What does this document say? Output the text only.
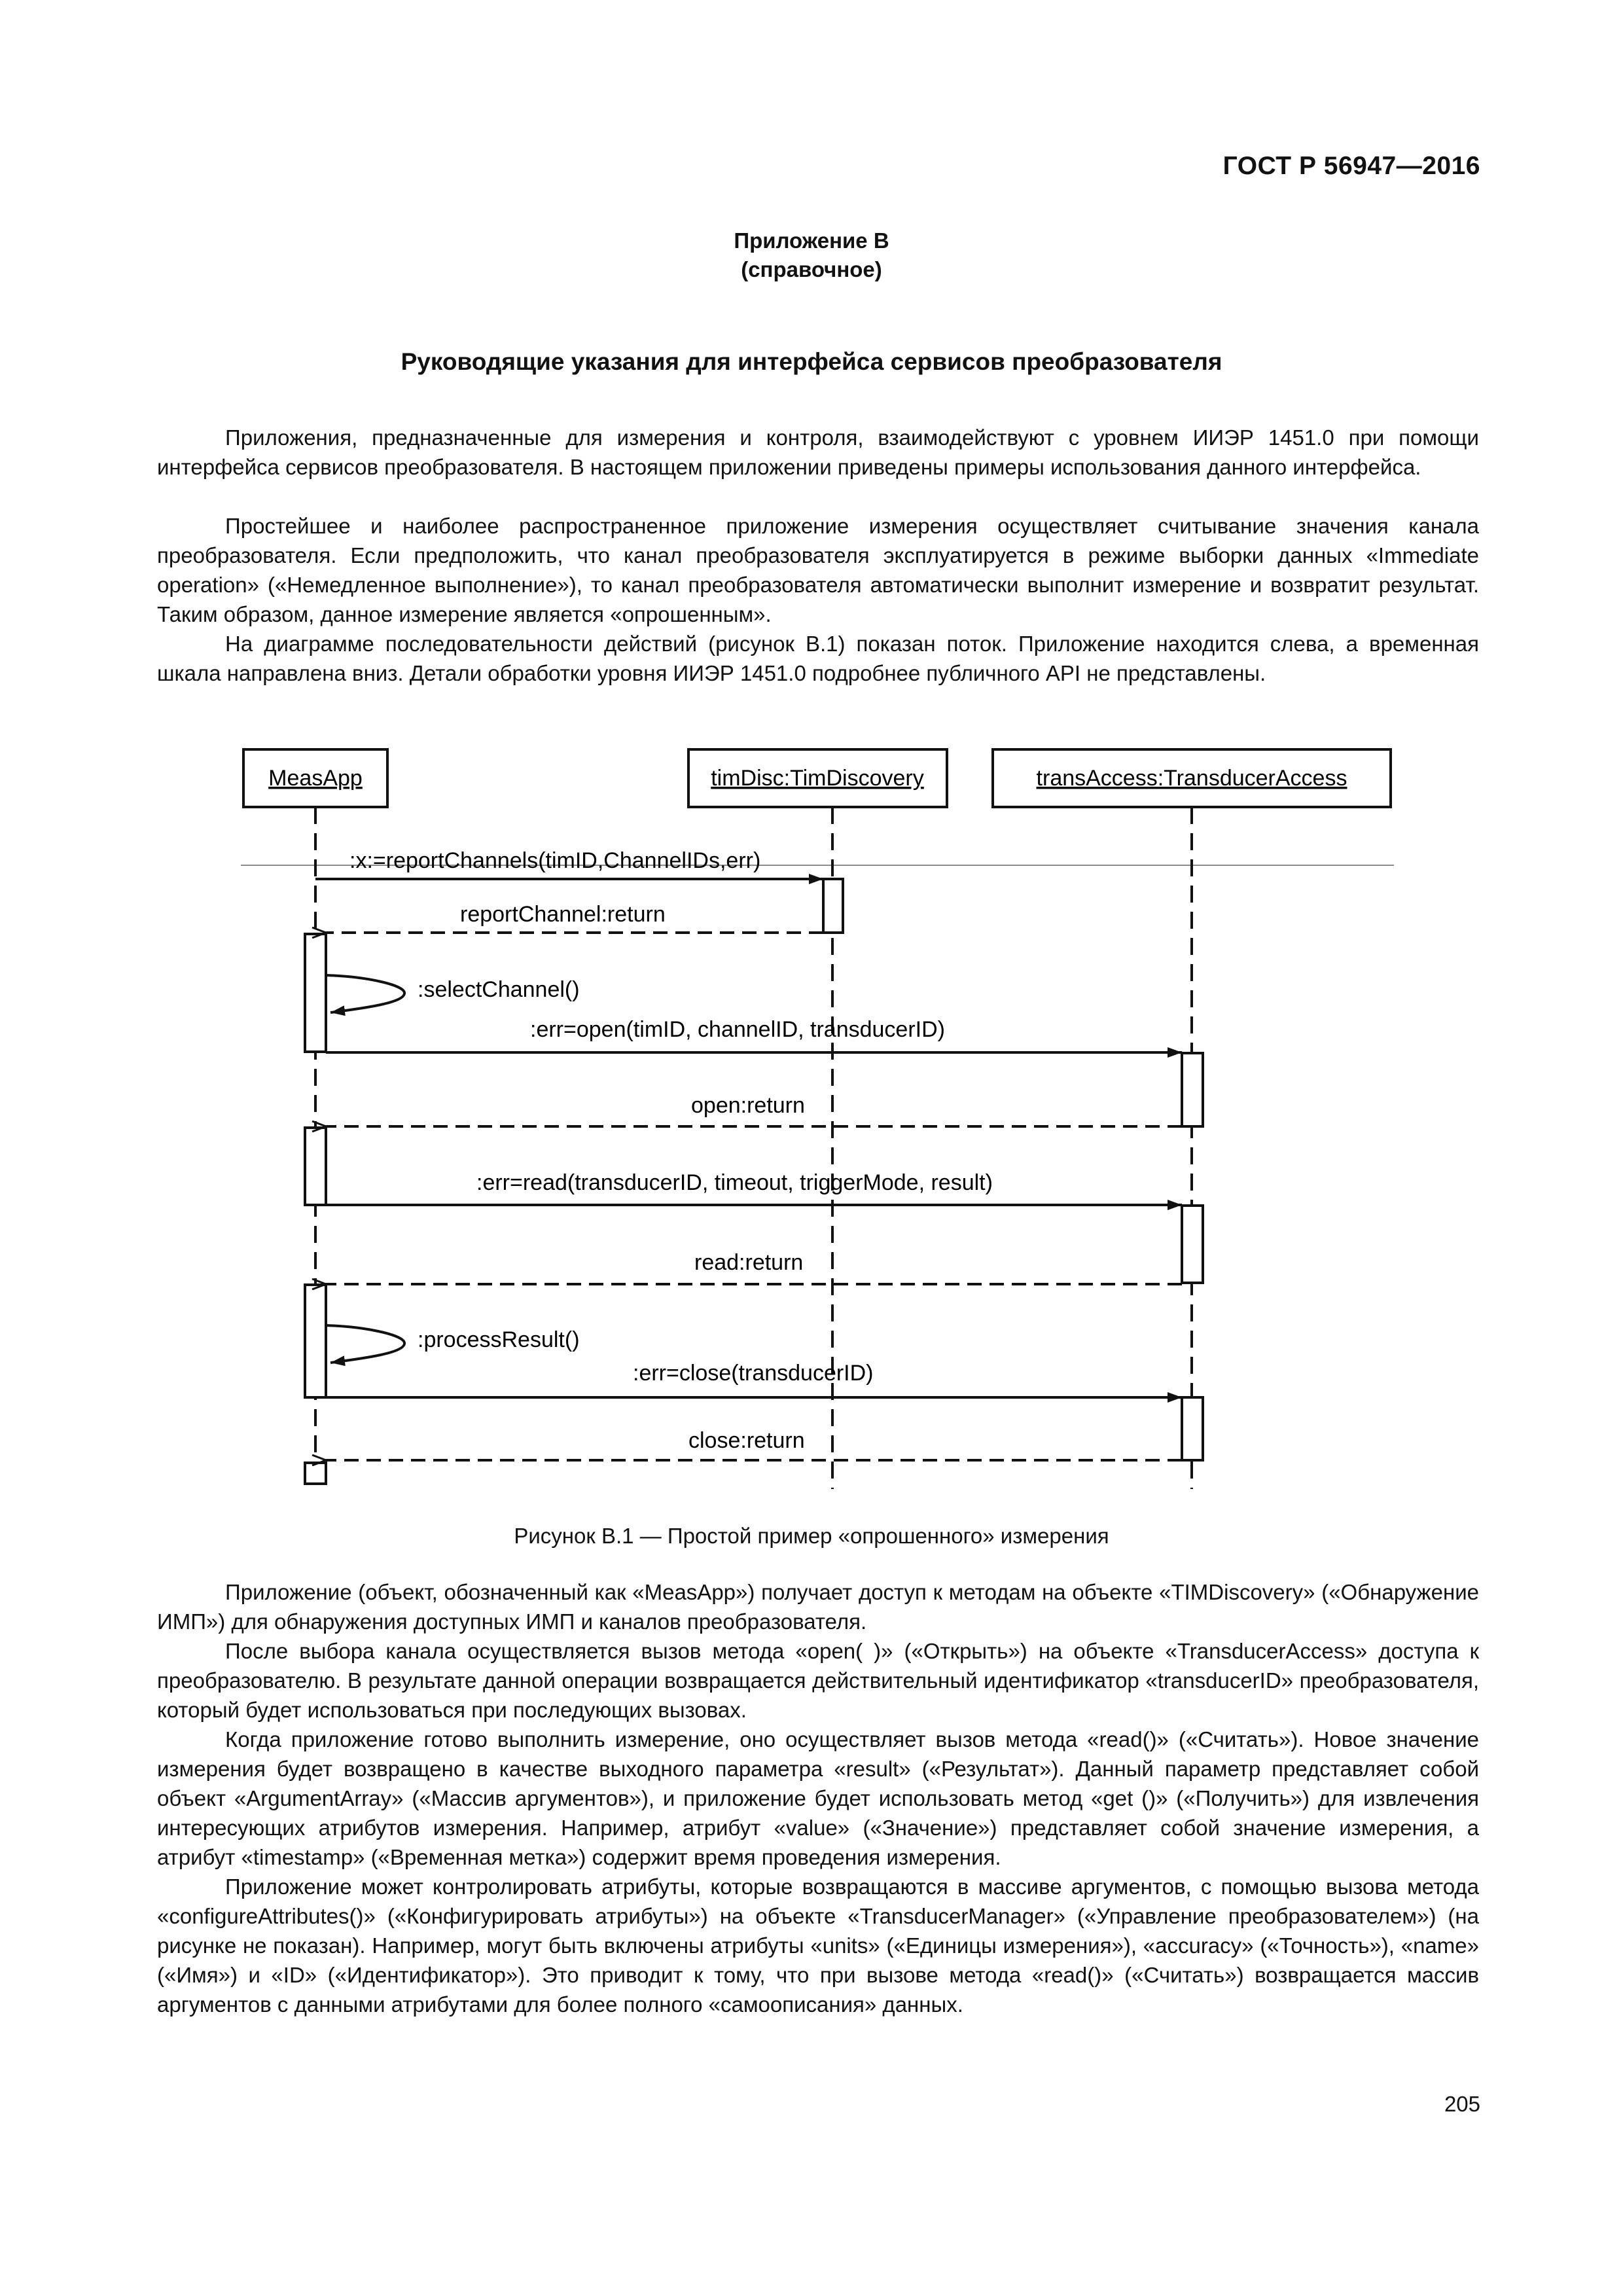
ГОСТ Р 56947—2016
Приложение В
(справочное)
Руководящие указания для интерфейса сервисов преобразователя

Приложения, предназначенные для измерения и контроля, взаимодействуют с уровнем ИИЭР 1451.0 при помощи интерфейса сервисов преобразователя. В настоящем приложении приведены примеры использования данного интерфейса.

Простейшее и наиболее распространенное приложение измерения осуществляет считывание значения канала преобразователя. Если предположить, что канал преобразователя эксплуатируется в режиме выборки данных «Immediate operation» («Немедленное выполнение»), то канал преобразователя автоматически выполнит измерение и возвратит результат. Таким образом, данное измерение является «опрошенным».

На диаграмме последовательности действий (рисунок В.1) показан поток. Приложение находится слева, а временная шкала направлена вниз. Детали обработки уровня ИИЭР 1451.0 подробнее публичного API не представлены.

MeasApp	timDisc:TimDiscovery	transAccess:TransducerAccess
:x:=reportChannels(timID,ChannelIDs,err)
reportChannel:return
:selectChannel()
:err=open(timID, channelID, transducerID)
open:return
:err=read(transducerID, timeout, triggerMode, result)
read:return
:processResult()
:err=close(transducerID)
close:return
Рисунок В.1 — Простой пример «опрошенного» измерения

Приложение (объект, обозначенный как «MeasApp») получает доступ к методам на объекте «TIMDiscovery» («Обнаружение ИМП») для обнаружения доступных ИМП и каналов преобразователя.

После выбора канала осуществляется вызов метода «open( )» («Открыть») на объекте «TransducerAccess» доступа к преобразователю. В результате данной операции возвращается действительный идентификатор «transducerID» преобразователя, который будет использоваться при последующих вызовах.

Когда приложение готово выполнить измерение, оно осуществляет вызов метода «read()» («Считать»). Новое значение измерения будет возвращено в качестве выходного параметра «result» («Результат»). Данный параметр представляет собой объект «ArgumentArray» («Массив аргументов»), и приложение будет использовать метод «get ()» («Получить») для извлечения интересующих атрибутов измерения. Например, атрибут «value» («Значение») представляет собой значение измерения, а атрибут «timestamp» («Временная метка») содержит время проведения измерения.

Приложение может контролировать атрибуты, которые возвращаются в массиве аргументов, с помощью вызова метода «configureAttributes()» («Конфигурировать атрибуты») на объекте «TransducerManager» («Управление преобразователем») (на рисунке не показан). Например, могут быть включены атрибуты «units» («Единицы измерения»), «accuracy» («Точность»), «name» («Имя») и «ID» («Идентификатор»). Это приводит к тому, что при вызове метода «read()» («Считать») возвращается массив аргументов с данными атрибутами для более полного «самоописания» данных.

205
